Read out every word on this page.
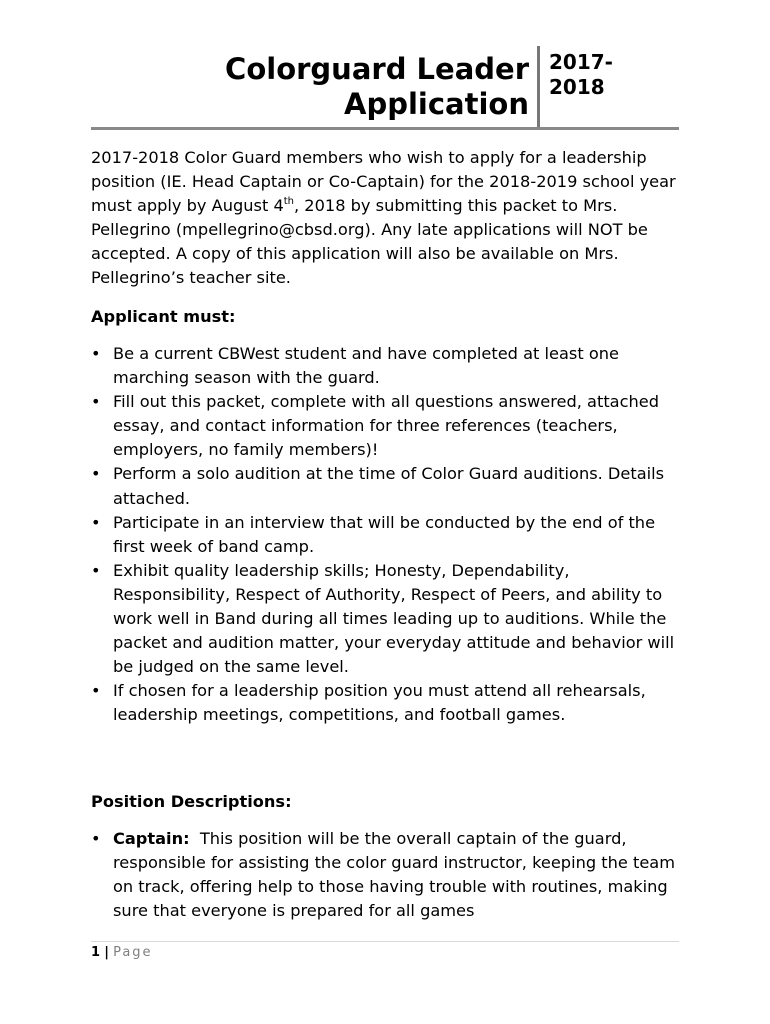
Colorguard Leader
Application
2017-
2018
2017-2018 Color Guard members who wish to apply for a leadership position (IE. Head Captain or Co-Captain) for the 2018-2019 school year must apply by August 4th, 2018 by submitting this packet to Mrs. Pellegrino (mpellegrino@cbsd.org). Any late applications will NOT be accepted. A copy of this application will also be available on Mrs. Pellegrino’s teacher site.
Applicant must:
• Be a current CBWest student and have completed at least one marching season with the guard.
• Fill out this packet, complete with all questions answered, attached essay, and contact information for three references (teachers, employers, no family members)!
• Perform a solo audition at the time of Color Guard auditions. Details attached.
• Participate in an interview that will be conducted by the end of the first week of band camp.
• Exhibit quality leadership skills; Honesty, Dependability, Responsibility, Respect of Authority, Respect of Peers, and ability to work well in Band during all times leading up to auditions. While the packet and audition matter, your everyday attitude and behavior will be judged on the same level.
• If chosen for a leadership position you must attend all rehearsals, leadership meetings, competitions, and football games.
Position Descriptions:
• Captain: This position will be the overall captain of the guard, responsible for assisting the color guard instructor, keeping the team on track, offering help to those having trouble with routines, making sure that everyone is prepared for all games
1 | Page
